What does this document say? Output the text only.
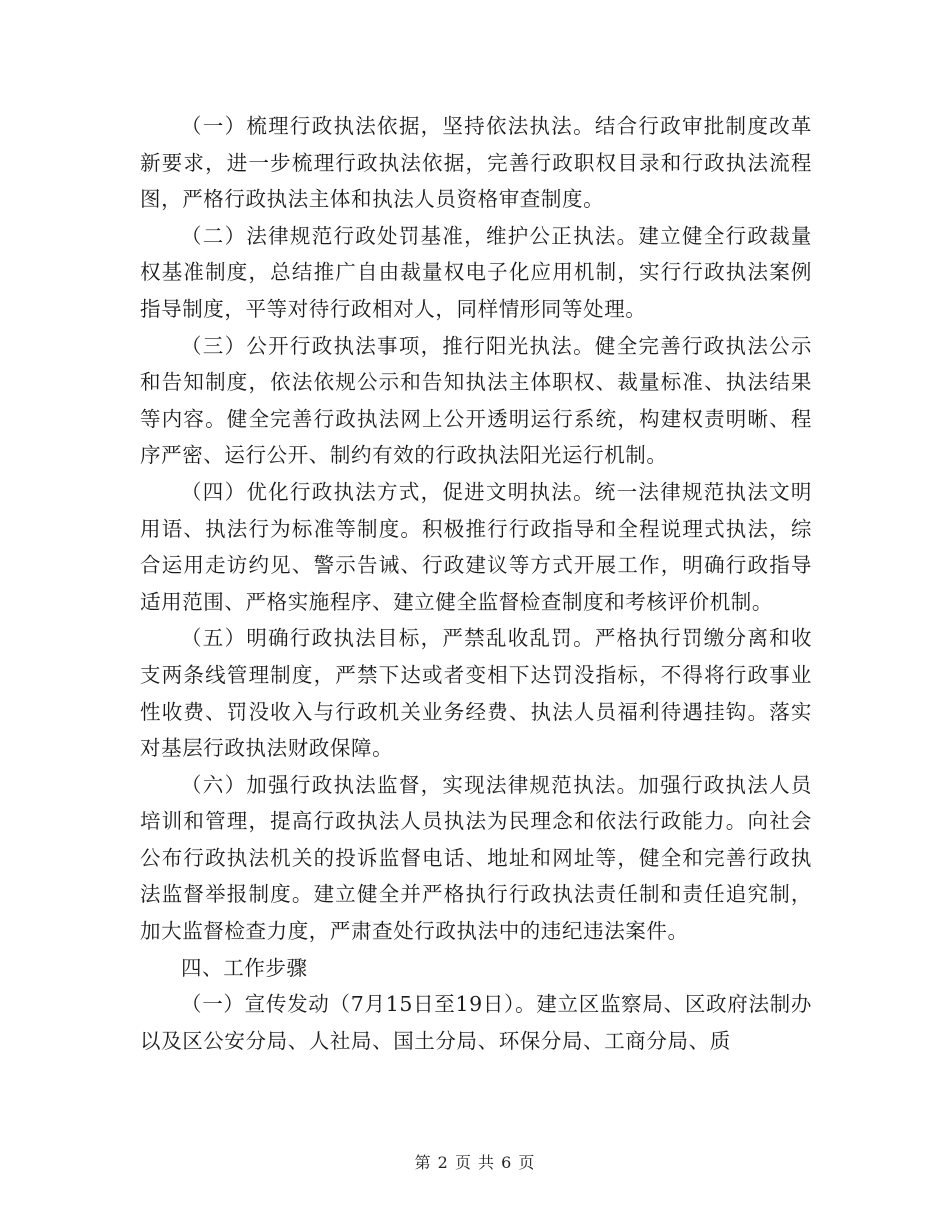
（一）梳理行政执法依据，坚持依法执法。结合行政审批制度改革新要求，进一步梳理行政执法依据，完善行政职权目录和行政执法流程图，严格行政执法主体和执法人员资格审查制度。

（二）法律规范行政处罚基准，维护公正执法。建立健全行政裁量权基准制度，总结推广自由裁量权电子化应用机制，实行行政执法案例指导制度，平等对待行政相对人，同样情形同等处理。

（三）公开行政执法事项，推行阳光执法。健全完善行政执法公示和告知制度，依法依规公示和告知执法主体职权、裁量标准、执法结果等内容。健全完善行政执法网上公开透明运行系统，构建权责明晰、程序严密、运行公开、制约有效的行政执法阳光运行机制。

（四）优化行政执法方式，促进文明执法。统一法律规范执法文明用语、执法行为标准等制度。积极推行行政指导和全程说理式执法，综合运用走访约见、警示告诫、行政建议等方式开展工作，明确行政指导适用范围、严格实施程序、建立健全监督检查制度和考核评价机制。

（五）明确行政执法目标，严禁乱收乱罚。严格执行罚缴分离和收支两条线管理制度，严禁下达或者变相下达罚没指标，不得将行政事业性收费、罚没收入与行政机关业务经费、执法人员福利待遇挂钩。落实对基层行政执法财政保障。

（六）加强行政执法监督，实现法律规范执法。加强行政执法人员培训和管理，提高行政执法人员执法为民理念和依法行政能力。向社会公布行政执法机关的投诉监督电话、地址和网址等，健全和完善行政执法监督举报制度。建立健全并严格执行行政执法责任制和责任追究制，加大监督检查力度，严肃查处行政执法中的违纪违法案件。

四、工作步骤

（一）宣传发动（7月15日至19日）。建立区监察局、区政府法制办以及区公安分局、人社局、国土分局、环保分局、工商分局、质

第 2 页 共 6 页
